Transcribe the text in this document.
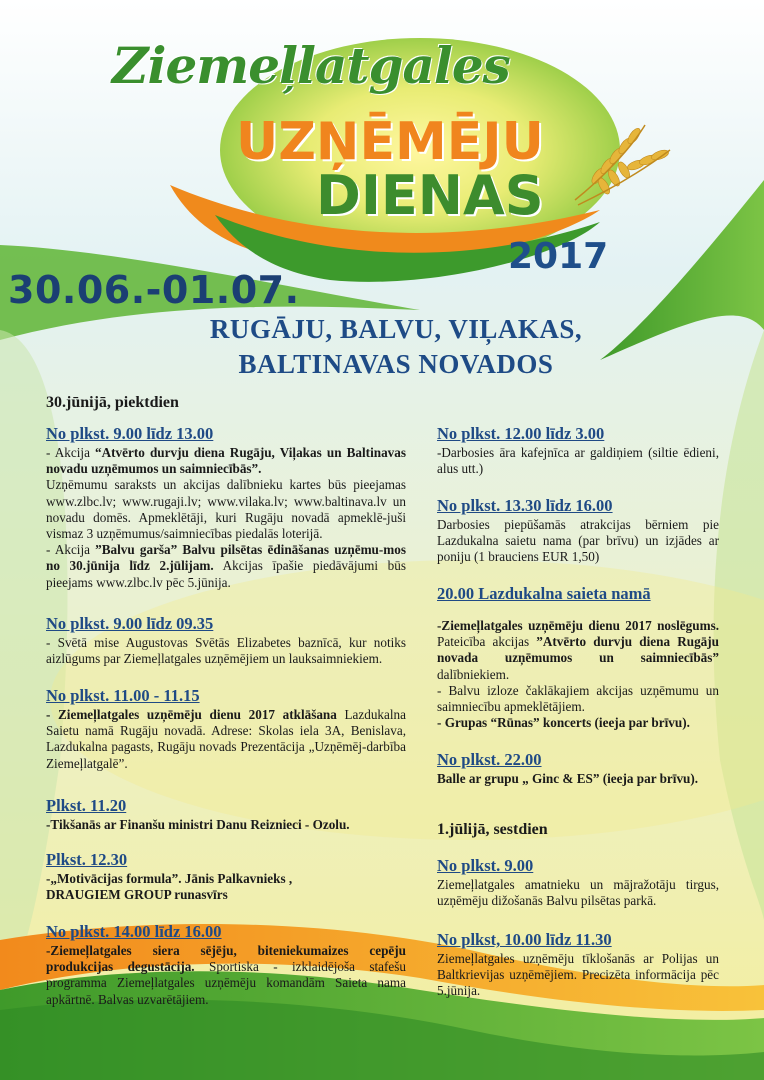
Ziemeļlatgales
UZŅĒMĒJU
DIENAS
2017
30.06.-01.07.
RUGĀJU, BALVU, VIĻAKAS,
BALTINAVAS NOVADOS
30.jūnijā, piektdien
No plkst. 9.00 līdz 13.00

- Akcija “Atvērto durvju diena Rugāju, Viļakas un Baltinavas novadu uzņēmumos un saimniecībās”.

Uzņēmumu saraksts un akcijas dalībnieku kartes būs pieejamas www.zlbc.lv; www.rugaji.lv; www.vilaka.lv; www.baltinava.lv un novadu domēs. Apmeklētāji, kuri Rugāju novadā apmeklē-juši vismaz 3 uzņēmumus/saimniecības piedalās loterijā.

- Akcija ”Balvu garša” Balvu pilsētas ēdināšanas uzņēmu-mos no 30.jūnija līdz 2.jūlijam. Akcijas īpašie piedāvājumi būs pieejams www.zlbc.lv pēc 5.jūnija.

No plkst. 9.00 līdz 09.35

- Svētā mise Augustovas Svētās Elizabetes baznīcā, kur notiks aizlūgums par Ziemeļlatgales uzņēmējiem un lauksaimniekiem.

No plkst. 11.00 - 11.15

- Ziemeļlatgales uzņēmēju dienu 2017 atklāšana Lazdukalna Saietu namā Rugāju novadā. Adrese: Skolas iela 3A, Benislava, Lazdukalna pagasts, Rugāju novads Prezentācija „Uzņēmēj-darbība Ziemeļlatgalē”.

Plkst. 11.20

-Tikšanās ar Finanšu ministri Danu Reiznieci - Ozolu.

Plkst. 12.30

-„Motivācijas formula”. Jānis Palkavnieks ,

DRAUGIEM GROUP runasvīrs

No plkst. 14.00 līdz 16.00

-Ziemeļlatgales siera sējēju, biteniekumaizes cepēju produkcijas degustācija. Sportiska - izklaidējoša stafešu programma Ziemeļlatgales uzņēmēju komandām Saieta nama apkārtnē. Balvas uzvarētājiem.

No plkst. 12.00 līdz 3.00

-Darbosies āra kafejnīca ar galdiņiem (siltie ēdieni, alus utt.)

No plkst. 13.30 līdz 16.00

Darbosies piepūšamās atrakcijas bērniem pie Lazdukalna saietu nama (par brīvu) un izjādes ar poniju (1 brauciens EUR 1,50)

20.00 Lazdukalna saieta namā

-Ziemeļlatgales uzņēmēju dienu 2017 noslēgums. Pateicība akcijas ”Atvērto durvju diena Rugāju novada uzņēmumos un saimniecībās” dalībniekiem.

- Balvu izloze čaklākajiem akcijas uzņēmumu un saimniecību apmeklētājiem.

- Grupas “Rūnas” koncerts (ieeja par brīvu).

No plkst. 22.00

Balle ar grupu „ Ginc & ES” (ieeja par brīvu).

1.jūlijā, sestdien
No plkst. 9.00

Ziemeļlatgales amatnieku un mājražotāju tirgus, uzņēmēju dižošanās Balvu pilsētas parkā.

No plkst, 10.00 līdz 11.30

Ziemeļlatgales uzņēmēju tīklošanās ar Polijas un Baltkrievijas uzņēmējiem. Precizēta informācija pēc 5.jūnija.
